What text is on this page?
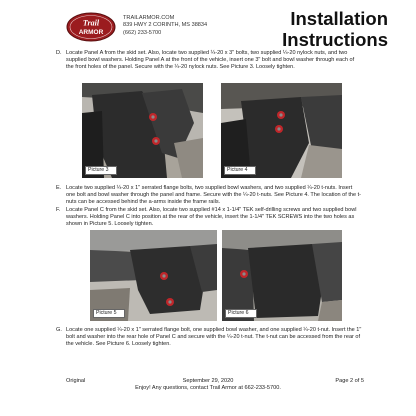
Trail
ARMOR
TRAILARMOR.COM
839 HWY 2 CORINTH, MS 38834
(662) 233-5700
Installation
Instructions
D. Locate Panel A from the skid set. Also, locate two supplied ¼-20 x 3" bolts, two supplied ¼-20 nylock nuts, and two supplied bowl washers. Holding Panel A at the front of the vehicle, insert one 3" bolt and bowl washer through each of the front holes of the panel. Secure with the ¼-20 nylock nuts. See Picture 3. Loosely tighten.
Picture 3	Picture 4
E. Locate two supplied ¼-20 x 1" serrated flange bolts, two supplied bowl washers, and two supplied ¼-20 t-nuts. Insert one bolt and bowl washer through the panel and frame. Secure with the ¼-20 t-nuts. See Picture 4. The location of the t-nuts can be accessed behind the a-arms inside the frame rails.
F. Locate Panel C from the skid set. Also, locate two supplied #14 x 1-1/4" TEK self-drilling screws and two supplied bowl washers. Holding Panel C into position at the rear of the vehicle, insert the 1-1/4" TEK SCREWS into the two holes as shown in Picture 5. Loosely tighten.
Picture 5	Picture 6
G. Locate one supplied ¼-20 x 1" serrated flange bolt, one supplied bowl washer, and one supplied ¼-20 t-nut. Insert the 1" bolt and washer into the rear hole of Panel C and secure with the ¼-20 t-nut. The t-nut can be accessed from the rear of the vehicle. See Picture 6. Loosely tighten.
Original	September 29, 2020
Enjoy! Any questions, contact Trail Armor at 662-233-5700.
Page 2 of 5
